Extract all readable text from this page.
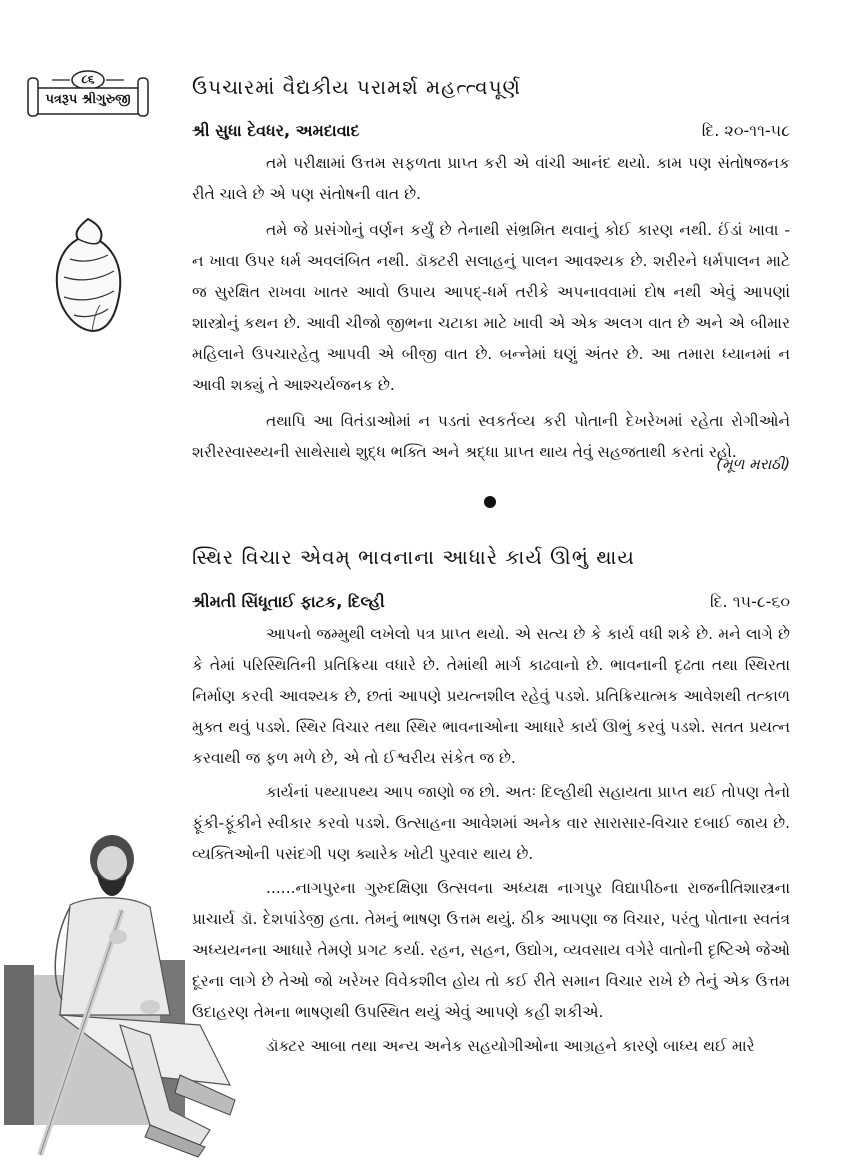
૮૬
પત્રરૂપ શ્રીગુરુજી
ઉપચારમાં વૈદ્યકીય પરામર્શ મહત્ત્વપૂર્ણ
શ્રી સુધા દેવધર, અમદાવાદ	દિ. ૨૦-૧૧-૫૮

તમે પરીક્ષામાં ઉત્તમ સફળતા પ્રાપ્ત કરી એ વાંચી આનંદ થયો. કામ પણ સંતોષજનક રીતે ચાલે છે એ પણ સંતોષની વાત છે.

તમે જે પ્રસંગોનું વર્ણન કર્યું છે તેનાથી સંભ્રમિત થવાનું કોઈ કારણ નથી. ઈંડાં ખાવા - ન ખાવા ઉપર ધર્મ અવલંબિત નથી. ડૉક્ટરી સલાહનું પાલન આવશ્યક છે. શરીરને ધર્મપાલન માટે જ સુરક્ષિત રાખવા ખાતર આવો ઉપાય આપદ્-ધર્મ તરીકે અપનાવવામાં દોષ નથી એવું આપણાં શાસ્ત્રોનું કથન છે. આવી ચીજો જીભના ચટાકા માટે ખાવી એ એક અલગ વાત છે અને એ બીમાર મહિલાને ઉપચારહેતુ આપવી એ બીજી વાત છે. બન્નેમાં ઘણું અંતર છે. આ તમારા ધ્યાનમાં ન આવી શક્યું તે આશ્ચર્યજનક છે.

તથાપિ આ વિતંડાઓમાં ન પડતાં સ્વકર્તવ્ય કરી પોતાની દેખરેખમાં રહેતા રોગીઓને શરીરસ્વાસ્થ્યની સાથેસાથે શુદ્ધ ભક્તિ અને શ્રદ્ધા પ્રાપ્ત થાય તેવું સહજતાથી કરતાં રહો.

(મૂળ મરાઠી)
સ્થિર વિચાર એવમ્ ભાવનાના આધારે કાર્ય ઊભું થાય
શ્રીમતી સિંધૂતાઈ ફાટક, દિલ્હી	દિ. ૧૫-૮-૬૦

આપનો જમ્મુથી લખેલો પત્ર પ્રાપ્ત થયો. એ સત્ય છે કે કાર્ય વધી શકે છે. મને લાગે છે કે તેમાં પરિસ્થિતિની પ્રતિક્રિયા વધારે છે. તેમાંથી માર્ગ કાઢવાનો છે. ભાવનાની દૃઢતા તથા સ્થિરતા નિર્માણ કરવી આવશ્યક છે, છતાં આપણે પ્રયત્નશીલ રહેવું પડશે. પ્રતિક્રિયાત્મક આવેશથી તત્કાળ મુક્ત થવું પડશે. સ્થિર વિચાર તથા સ્થિર ભાવનાઓના આધારે કાર્ય ઊભું કરવું પડશે. સતત પ્રયત્ન કરવાથી જ ફળ મળે છે, એ તો ઈશ્વરીય સંકેત જ છે.

કાર્યનાં પથ્યાપથ્ય આપ જાણો જ છો. અતઃ દિલ્હીથી સહાયતા પ્રાપ્ત થઈ તોપણ તેનો ફૂંકી-ફૂંકીને સ્વીકાર કરવો પડશે. ઉત્સાહના આવેશમાં અનેક વાર સારાસાર-વિચાર દબાઈ જાય છે. વ્યક્તિઓની પસંદગી પણ ક્યારેક ખોટી પુરવાર થાય છે.

......નાગપુરના ગુરુદક્ષિણા ઉત્સવના અધ્યક્ષ નાગપુર વિદ્યાપીઠના રાજનીતિશાસ્ત્રના પ્રાચાર્ય ડૉ. દેશપાંડેજી હતા. તેમનું ભાષણ ઉત્તમ થયું. ઠીક આપણા જ વિચાર, પરંતુ પોતાના સ્વતંત્ર અધ્યયનના આધારે તેમણે પ્રગટ કર્યા. રહન, સહન, ઉદ્યોગ, વ્યવસાય વગેરે વાતોની દૃષ્ટિએ જેઓ દૂરના લાગે છે તેઓ જો ખરેખર વિવેકશીલ હોય તો કઈ રીતે સમાન વિચાર રાખે છે તેનું એક ઉત્તમ ઉદાહરણ તેમના ભાષણથી ઉપસ્થિત થયું એવું આપણે કહી શકીએ.

ડૉક્ટર આબા તથા અન્ય અનેક સહયોગીઓના આગ્રહને કારણે બાધ્ય થઈ મારે
